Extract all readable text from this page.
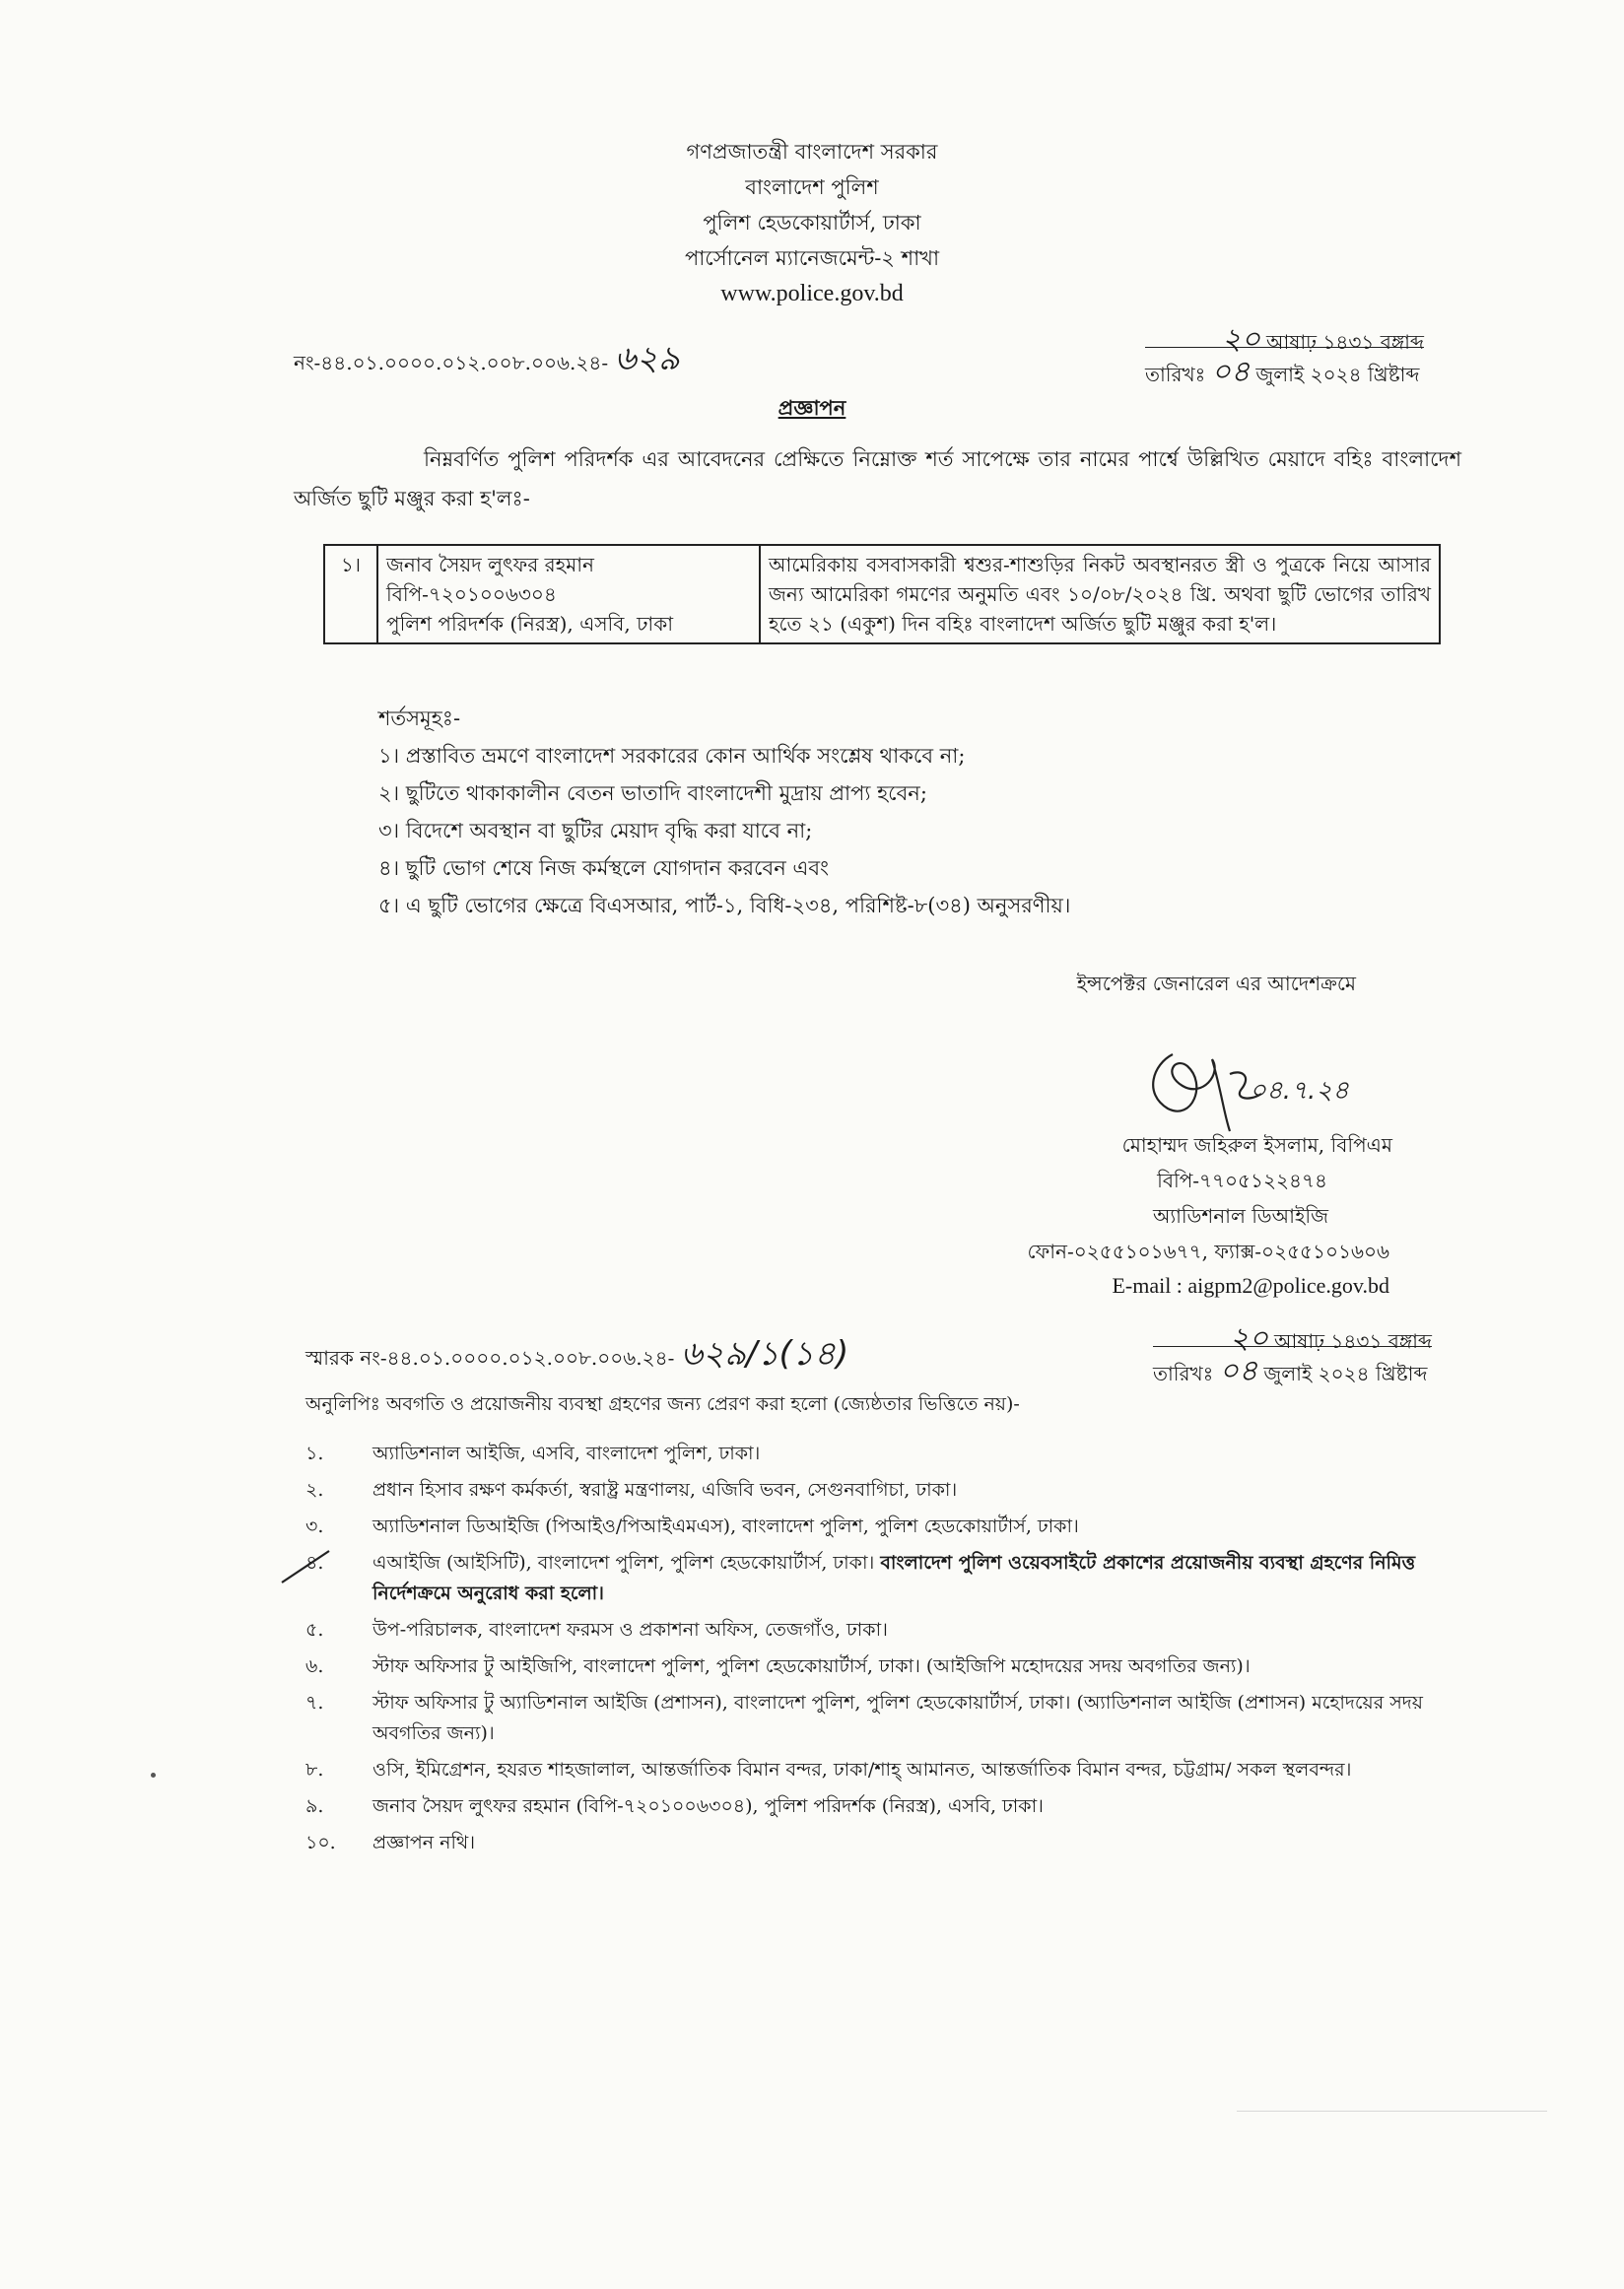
গণপ্রজাতন্ত্রী বাংলাদেশ সরকার
বাংলাদেশ পুলিশ
পুলিশ হেডকোয়ার্টার্স, ঢাকা
পার্সোনেল ম্যানেজমেন্ট-২ শাখা
www.police.gov.bd
নং-৪৪.০১.০০০০.০১২.০০৮.০০৬.২৪- ৬২৯	২০ আষাঢ় ১৪৩১ বঙ্গাব্দ
তারিখঃ ০৪ জুলাই ২০২৪ খ্রিষ্টাব্দ
প্রজ্ঞাপন
নিম্নবর্ণিত পুলিশ পরিদর্শক এর আবেদনের প্রেক্ষিতে নিম্নোক্ত শর্ত সাপেক্ষে তার নামের পার্শ্বে উল্লিখিত মেয়াদে বহিঃ বাংলাদেশ অর্জিত ছুটি মঞ্জুর করা হ'লঃ-
১।	জনাব সৈয়দ লুৎফর রহমান
বিপি-৭২০১০০৬৩০৪
পুলিশ পরিদর্শক (নিরস্ত্র), এসবি, ঢাকা
	আমেরিকায় বসবাসকারী শ্বশুর-শাশুড়ির নিকট অবস্থানরত স্ত্রী ও পুত্রকে নিয়ে আসার জন্য আমেরিকা গমণের অনুমতি এবং ১০/০৮/২০২৪ খ্রি. অথবা ছুটি ভোগের তারিখ হতে ২১ (একুশ) দিন বহিঃ বাংলাদেশ অর্জিত ছুটি মঞ্জুর করা হ'ল।
শর্তসমূহঃ-
১। প্রস্তাবিত ভ্রমণে বাংলাদেশ সরকারের কোন আর্থিক সংশ্লেষ থাকবে না;
২। ছুটিতে থাকাকালীন বেতন ভাতাদি বাংলাদেশী মুদ্রায় প্রাপ্য হবেন;
৩। বিদেশে অবস্থান বা ছুটির মেয়াদ বৃদ্ধি করা যাবে না;
৪। ছুটি ভোগ শেষে নিজ কর্মস্থলে যোগদান করবেন এবং
৫। এ ছুটি ভোগের ক্ষেত্রে বিএসআর, পার্ট-১, বিধি-২৩৪, পরিশিষ্ট-৮(৩৪) অনুসরণীয়।
ইন্সপেক্টর জেনারেল এর আদেশক্রমে
০৪.৭.২৪
মোহাম্মদ জহিরুল ইসলাম, বিপিএম
বিপি-৭৭০৫১২২৪৭৪
অ্যাডিশনাল ডিআইজি
ফোন-০২৫৫১০১৬৭৭, ফ্যাক্স-০২৫৫১০১৬০৬
E-mail : aigpm2@police.gov.bd
স্মারক নং-৪৪.০১.০০০০.০১২.০০৮.০০৬.২৪- ৬২৯/১(১৪)	২০ আষাঢ় ১৪৩১ বঙ্গাব্দ
তারিখঃ ০৪ জুলাই ২০২৪ খ্রিষ্টাব্দ
অনুলিপিঃ অবগতি ও প্রয়োজনীয় ব্যবস্থা গ্রহণের জন্য প্রেরণ করা হলো (জ্যেষ্ঠতার ভিত্তিতে নয়)-
১.	অ্যাডিশনাল আইজি, এসবি, বাংলাদেশ পুলিশ, ঢাকা।
২.	প্রধান হিসাব রক্ষণ কর্মকর্তা, স্বরাষ্ট্র মন্ত্রণালয়, এজিবি ভবন, সেগুনবাগিচা, ঢাকা।
৩.	অ্যাডিশনাল ডিআইজি (পিআইও/পিআইএমএস), বাংলাদেশ পুলিশ, পুলিশ হেডকোয়ার্টার্স, ঢাকা।
৪.	এআইজি (আইসিটি), বাংলাদেশ পুলিশ, পুলিশ হেডকোয়ার্টার্স, ঢাকা। বাংলাদেশ পুলিশ ওয়েবসাইটে প্রকাশের প্রয়োজনীয় ব্যবস্থা গ্রহণের নিমিত্ত নির্দেশক্রমে অনুরোধ করা হলো।
৫.	উপ-পরিচালক, বাংলাদেশ ফরমস ও প্রকাশনা অফিস, তেজগাঁও, ঢাকা।
৬.	স্টাফ অফিসার টু আইজিপি, বাংলাদেশ পুলিশ, পুলিশ হেডকোয়ার্টার্স, ঢাকা। (আইজিপি মহোদয়ের সদয় অবগতির জন্য)।
৭.	স্টাফ অফিসার টু অ্যাডিশনাল আইজি (প্রশাসন), বাংলাদেশ পুলিশ, পুলিশ হেডকোয়ার্টার্স, ঢাকা। (অ্যাডিশনাল আইজি (প্রশাসন) মহোদয়ের সদয় অবগতির জন্য)।
৮.	ওসি, ইমিগ্রেশন, হযরত শাহজালাল, আন্তর্জাতিক বিমান বন্দর, ঢাকা/শাহ্ আমানত, আন্তর্জাতিক বিমান বন্দর, চট্টগ্রাম/ সকল স্থলবন্দর।
৯.	জনাব সৈয়দ লুৎফর রহমান (বিপি-৭২০১০০৬৩০৪), পুলিশ পরিদর্শক (নিরস্ত্র), এসবি, ঢাকা।
১০.	প্রজ্ঞাপন নথি।
